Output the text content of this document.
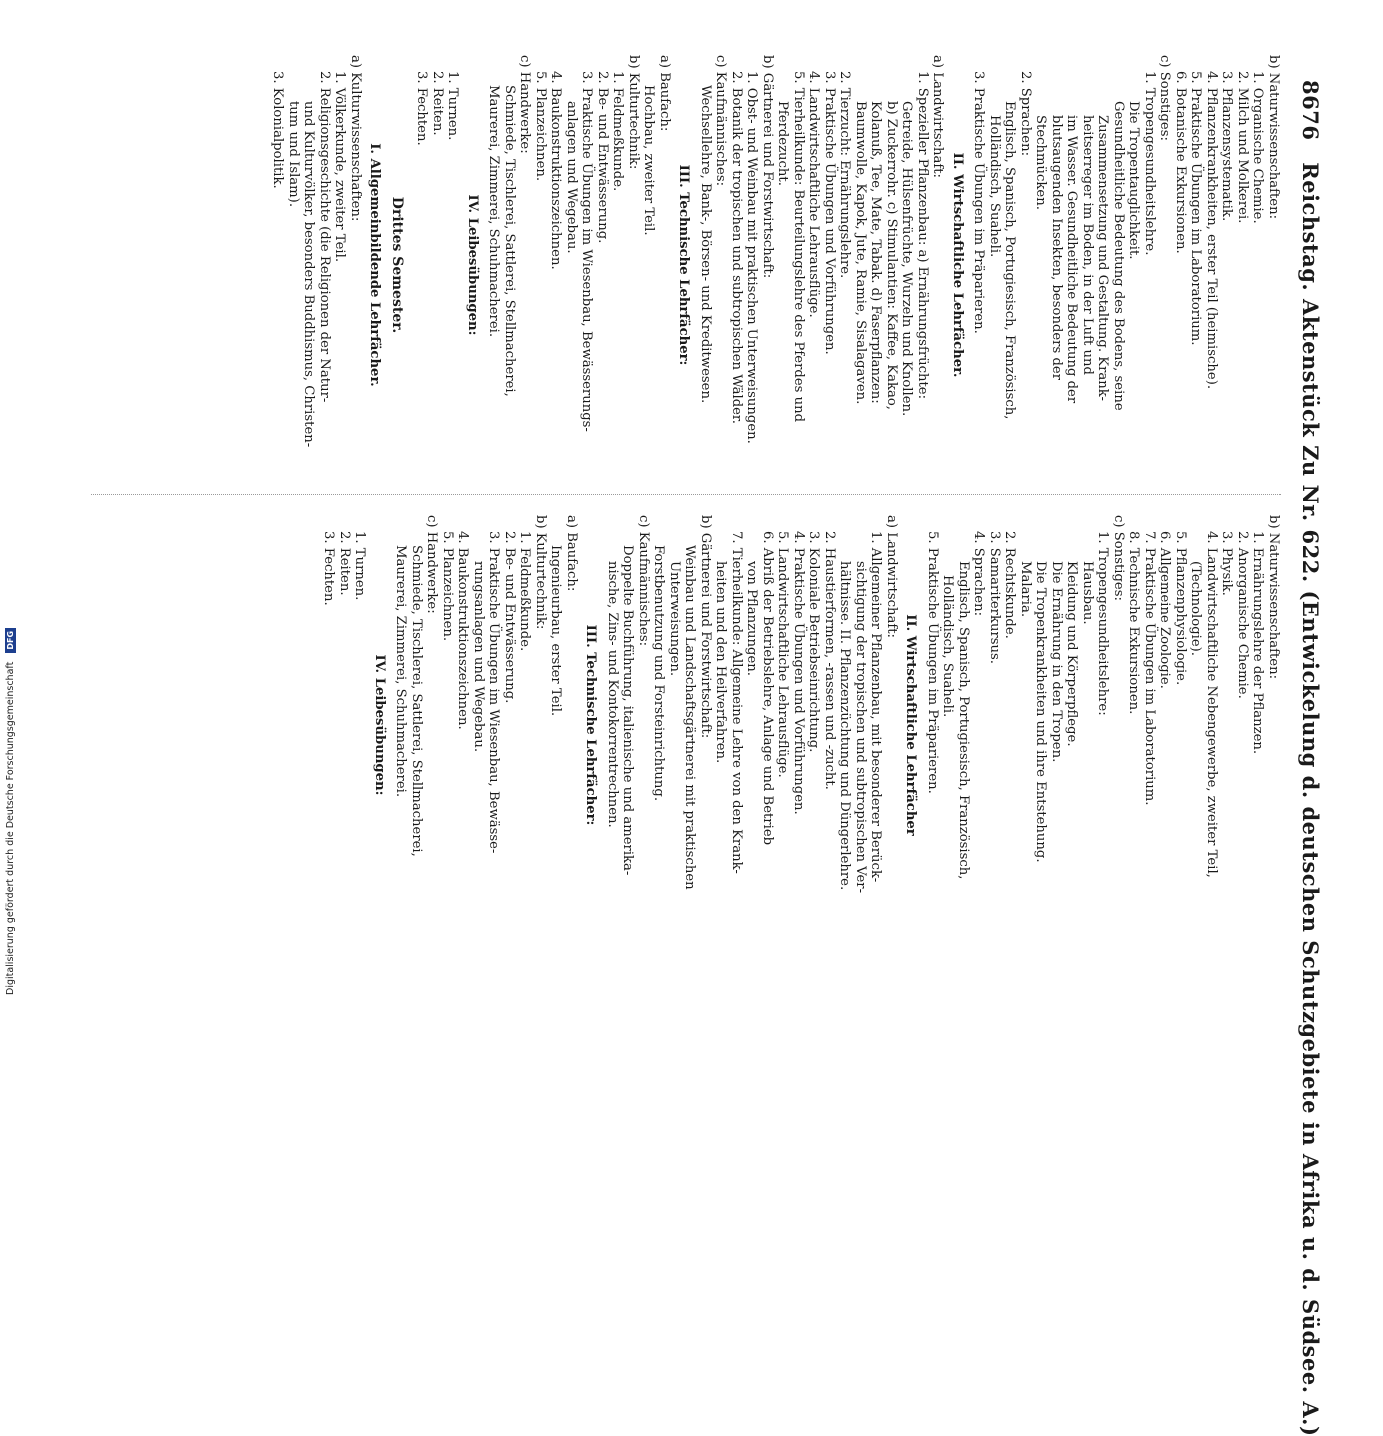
8676 Reichstag. Aktenstück Zu Nr. 622. (Entwickelung d. deutschen Schutzgebiete in Afrika u. d. Südsee. A.)
b) Naturwissenschaften:
1. Organische Chemie.
2. Milch und Molkerei.
3. Pflanzensystematik.
4. Pflanzenkrankheiten, erster Teil (heimische).
5. Praktische Übungen im Laboratorium.
6. Botanische Exkursionen.
c) Sonstiges:
1. Tropengesundheitslehre.
Die Tropentauglichkeit.
Gesundheitliche Bedeutung des Bodens, seine
Zusammensetzung und Gestaltung. Krank-
heitserreger im Boden, in der Luft und
im Wasser. Gesundheitliche Bedeutung der
blutsaugenden Insekten, besonders der
Stechmücken.
2. Sprachen:
Englisch, Spanisch, Portugiesisch, Französisch,
Holländisch, Suaheli.
3. Praktische Übungen im Präparieren.
II. Wirtschaftliche Lehrfächer.
a) Landwirtschaft:
1. Spezieller Pflanzenbau: a) Ernährungsfrüchte:
Getreide, Hülsenfrüchte, Wurzeln und Knollen.
b) Zuckerrohr. c) Stimulantien: Kaffee, Kakao,
Kolanuß, Tee, Mate, Tabak. d) Faserpflanzen:
Baumwolle, Kapok, Jute, Ramie, Sisalagaven.
2. Tierzucht: Ernährungslehre.
3. Praktische Übungen und Vorführungen.
4. Landwirtschaftliche Lehrausflüge.
5. Tierheilkunde: Beurteilungslehre des Pferdes und
Pferdezucht.
b) Gärtnerei und Forstwirtschaft:
1. Obst- und Weinbau mit praktischen Unterweisungen.
2. Botanik der tropischen und subtropischen Wälder.
c) Kaufmännisches:
Wechsellehre, Bank-, Börsen- und Kreditwesen.
III. Technische Lehrfächer:
a) Baufach:
Hochbau, zweiter Teil.
b) Kulturtechnik:
1. Feldmeßkunde.
2. Be- und Entwässerung.
3. Praktische Übungen im Wiesenbau, Bewässerungs-
anlagen und Wegebau.
4. Baukonstruktionszeichnen.
5. Planzeichnen.
c) Handwerke:
Schmiede, Tischlerei, Sattlerei, Stellmacherei,
Maurerei, Zimmerei, Schuhmacherei.
IV. Leibesübungen:
1. Turnen.
2. Reiten.
3. Fechten.
Drittes Semester.
I. Allgemeinbildende Lehrfächer.
a) Kulturwissenschaften:
1. Völkerkunde, zweiter Teil.
2. Religionsgeschichte (die Religionen der Natur-
und Kulturvölker, besonders Buddhismus, Christen-
tum und Islam).
3. Kolonialpolitik.
b) Naturwissenschaften:
1. Ernährungslehre der Pflanzen.
2. Anorganische Chemie.
3. Physik.
4. Landwirtschaftliche Nebengewerbe, zweiter Teil,
(Technologie).
5. Pflanzenphysiologie.
6. Allgemeine Zoologie.
7. Praktische Übungen im Laboratorium.
8. Technische Exkursionen.
c) Sonstiges:
1. Tropengesundheitslehre:
Hausbau.
Kleidung und Körperpflege.
Die Ernährung in den Tropen.
Die Tropenkrankheiten und ihre Entstehung.
Malaria.
2. Rechtskunde.
3. Samariterkursus.
4. Sprachen:
Englisch, Spanisch, Portugiesisch, Französisch,
Holländisch, Suaheli.
5. Praktische Übungen im Präparieren.
II. Wirtschaftliche Lehrfächer
a) Landwirtschaft:
1. Allgemeiner Pflanzenbau, mit besonderer Berück-
sichtigung der tropischen und subtropischen Ver-
hältnisse. II. Pflanzenzüchtung und Düngerlehre.
2. Haustierformen, -rassen und -zucht.
3. Koloniale Betriebseinrichtung.
4. Praktische Übungen und Vorführungen.
5. Landwirtschaftliche Lehrausflüge.
6. Abriß der Betriebslehre, Anlage und Betrieb
von Pflanzungen.
7. Tierheilkunde: Allgemeine Lehre von den Krank-
heiten und den Heilverfahren.
b) Gärtnerei und Forstwirtschaft:
Weinbau und Landschaftsgärtnerei mit praktischen
Unterweisungen.
Forstbenutzung und Forsteinrichtung.
c) Kaufmännisches:
Doppelte Buchführung, italienische und amerika-
nische, Zins- und Kontokorrentrechnen.
III. Technische Lehrfächer:
a) Baufach:
Ingenieurbau, erster Teil.
b) Kulturtechnik:
1. Feldmeßkunde.
2. Be- und Entwässerung.
3. Praktische Übungen im Wiesenbau, Bewässe-
rungsanlagen und Wegebau.
4. Baukonstruktionszeichnen.
5. Planzeichnen.
c) Handwerke:
Schmiede, Tischlerei, Sattlerei, Stellmacherei,
Maurerei, Zimmerei, Schuhmacherei.
IV. Leibesübungen:
1. Turnen.
2. Reiten.
3. Fechten.
Digitalisierung gefördert durch die Deutsche Forschungsgemeinschaft DFG
